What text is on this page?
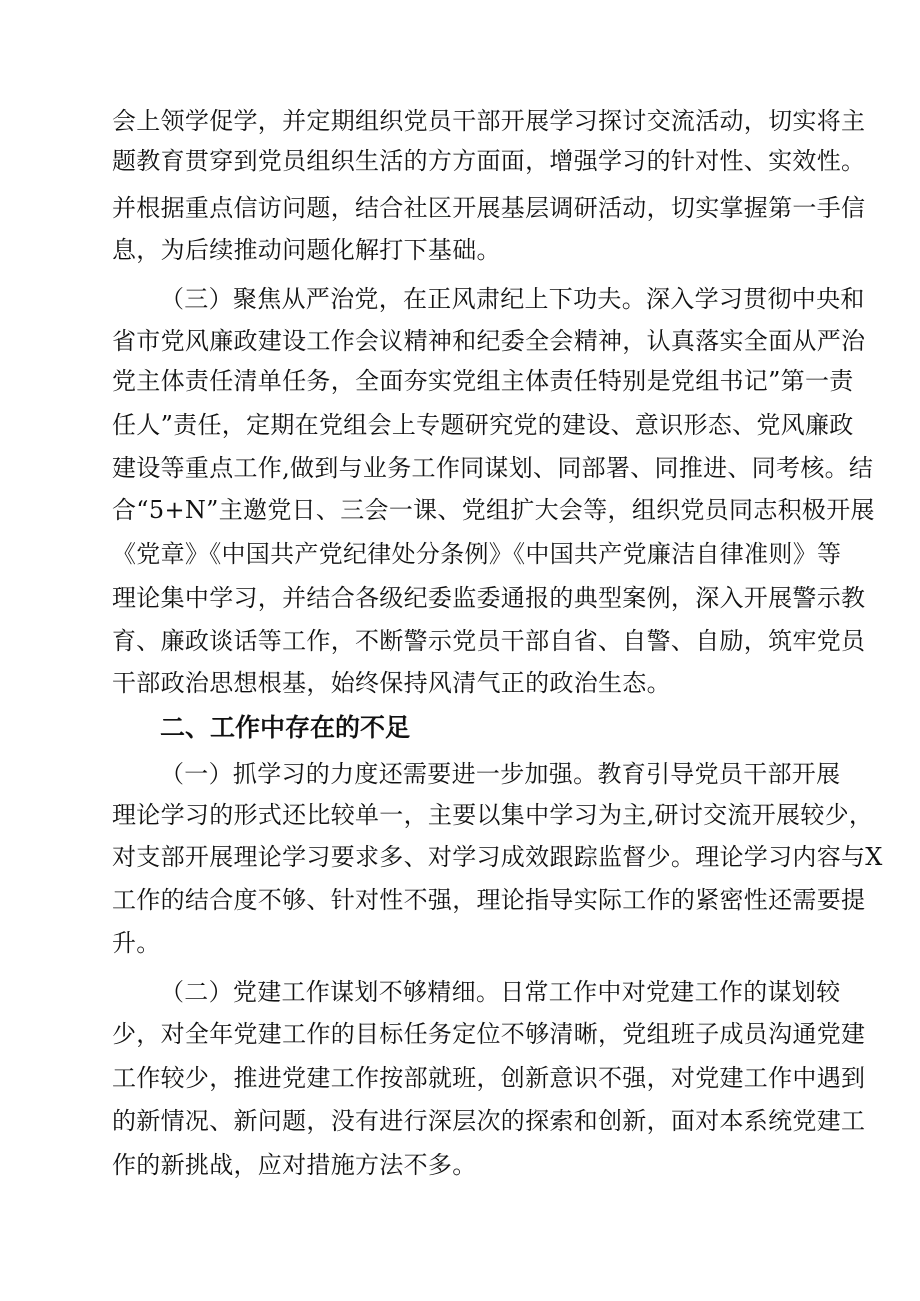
会上领学促学，并定期组织党员干部开展学习探讨交流活动，切实将主
题教育贯穿到党员组织生活的方方面面，增强学习的针对性、实效性。
并根据重点信访问题，结合社区开展基层调研活动，切实掌握第一手信
息，为后续推动问题化解打下基础。
（三）聚焦从严治党，在正风肃纪上下功夫。深入学习贯彻中央和
省市党风廉政建设工作会议精神和纪委全会精神，认真落实全面从严治
党主体责任清单任务，全面夯实党组主体责任特别是党组书记”第一责
任人”责任，定期在党组会上专题研究党的建设、意识形态、党风廉政
建设等重点工作,做到与业务工作同谋划、同部署、同推进、同考核。结
合“5+N”主邀党日、三会一课、党组扩大会等，组织党员同志积极开展
《党章》《中国共产党纪律处分条例》《中国共产党廉洁自律准则》等
理论集中学习，并结合各级纪委监委通报的典型案例，深入开展警示教
育、廉政谈话等工作，不断警示党员干部自省、自警、自励，筑牢党员
干部政治思想根基，始终保持风清气正的政治生态。
二、工作中存在的不足
（一）抓学习的力度还需要进一步加强。教育引导党员干部开展
理论学习的形式还比较单一，主要以集中学习为主,研讨交流开展较少，
对支部开展理论学习要求多、对学习成效跟踪监督少。理论学习内容与X
工作的结合度不够、针对性不强，理论指导实际工作的紧密性还需要提
升。
（二）党建工作谋划不够精细。日常工作中对党建工作的谋划较
少，对全年党建工作的目标任务定位不够清晰，党组班子成员沟通党建
工作较少，推进党建工作按部就班，创新意识不强，对党建工作中遇到
的新情况、新问题，没有进行深层次的探索和创新，面对本系统党建工
作的新挑战，应对措施方法不多。
